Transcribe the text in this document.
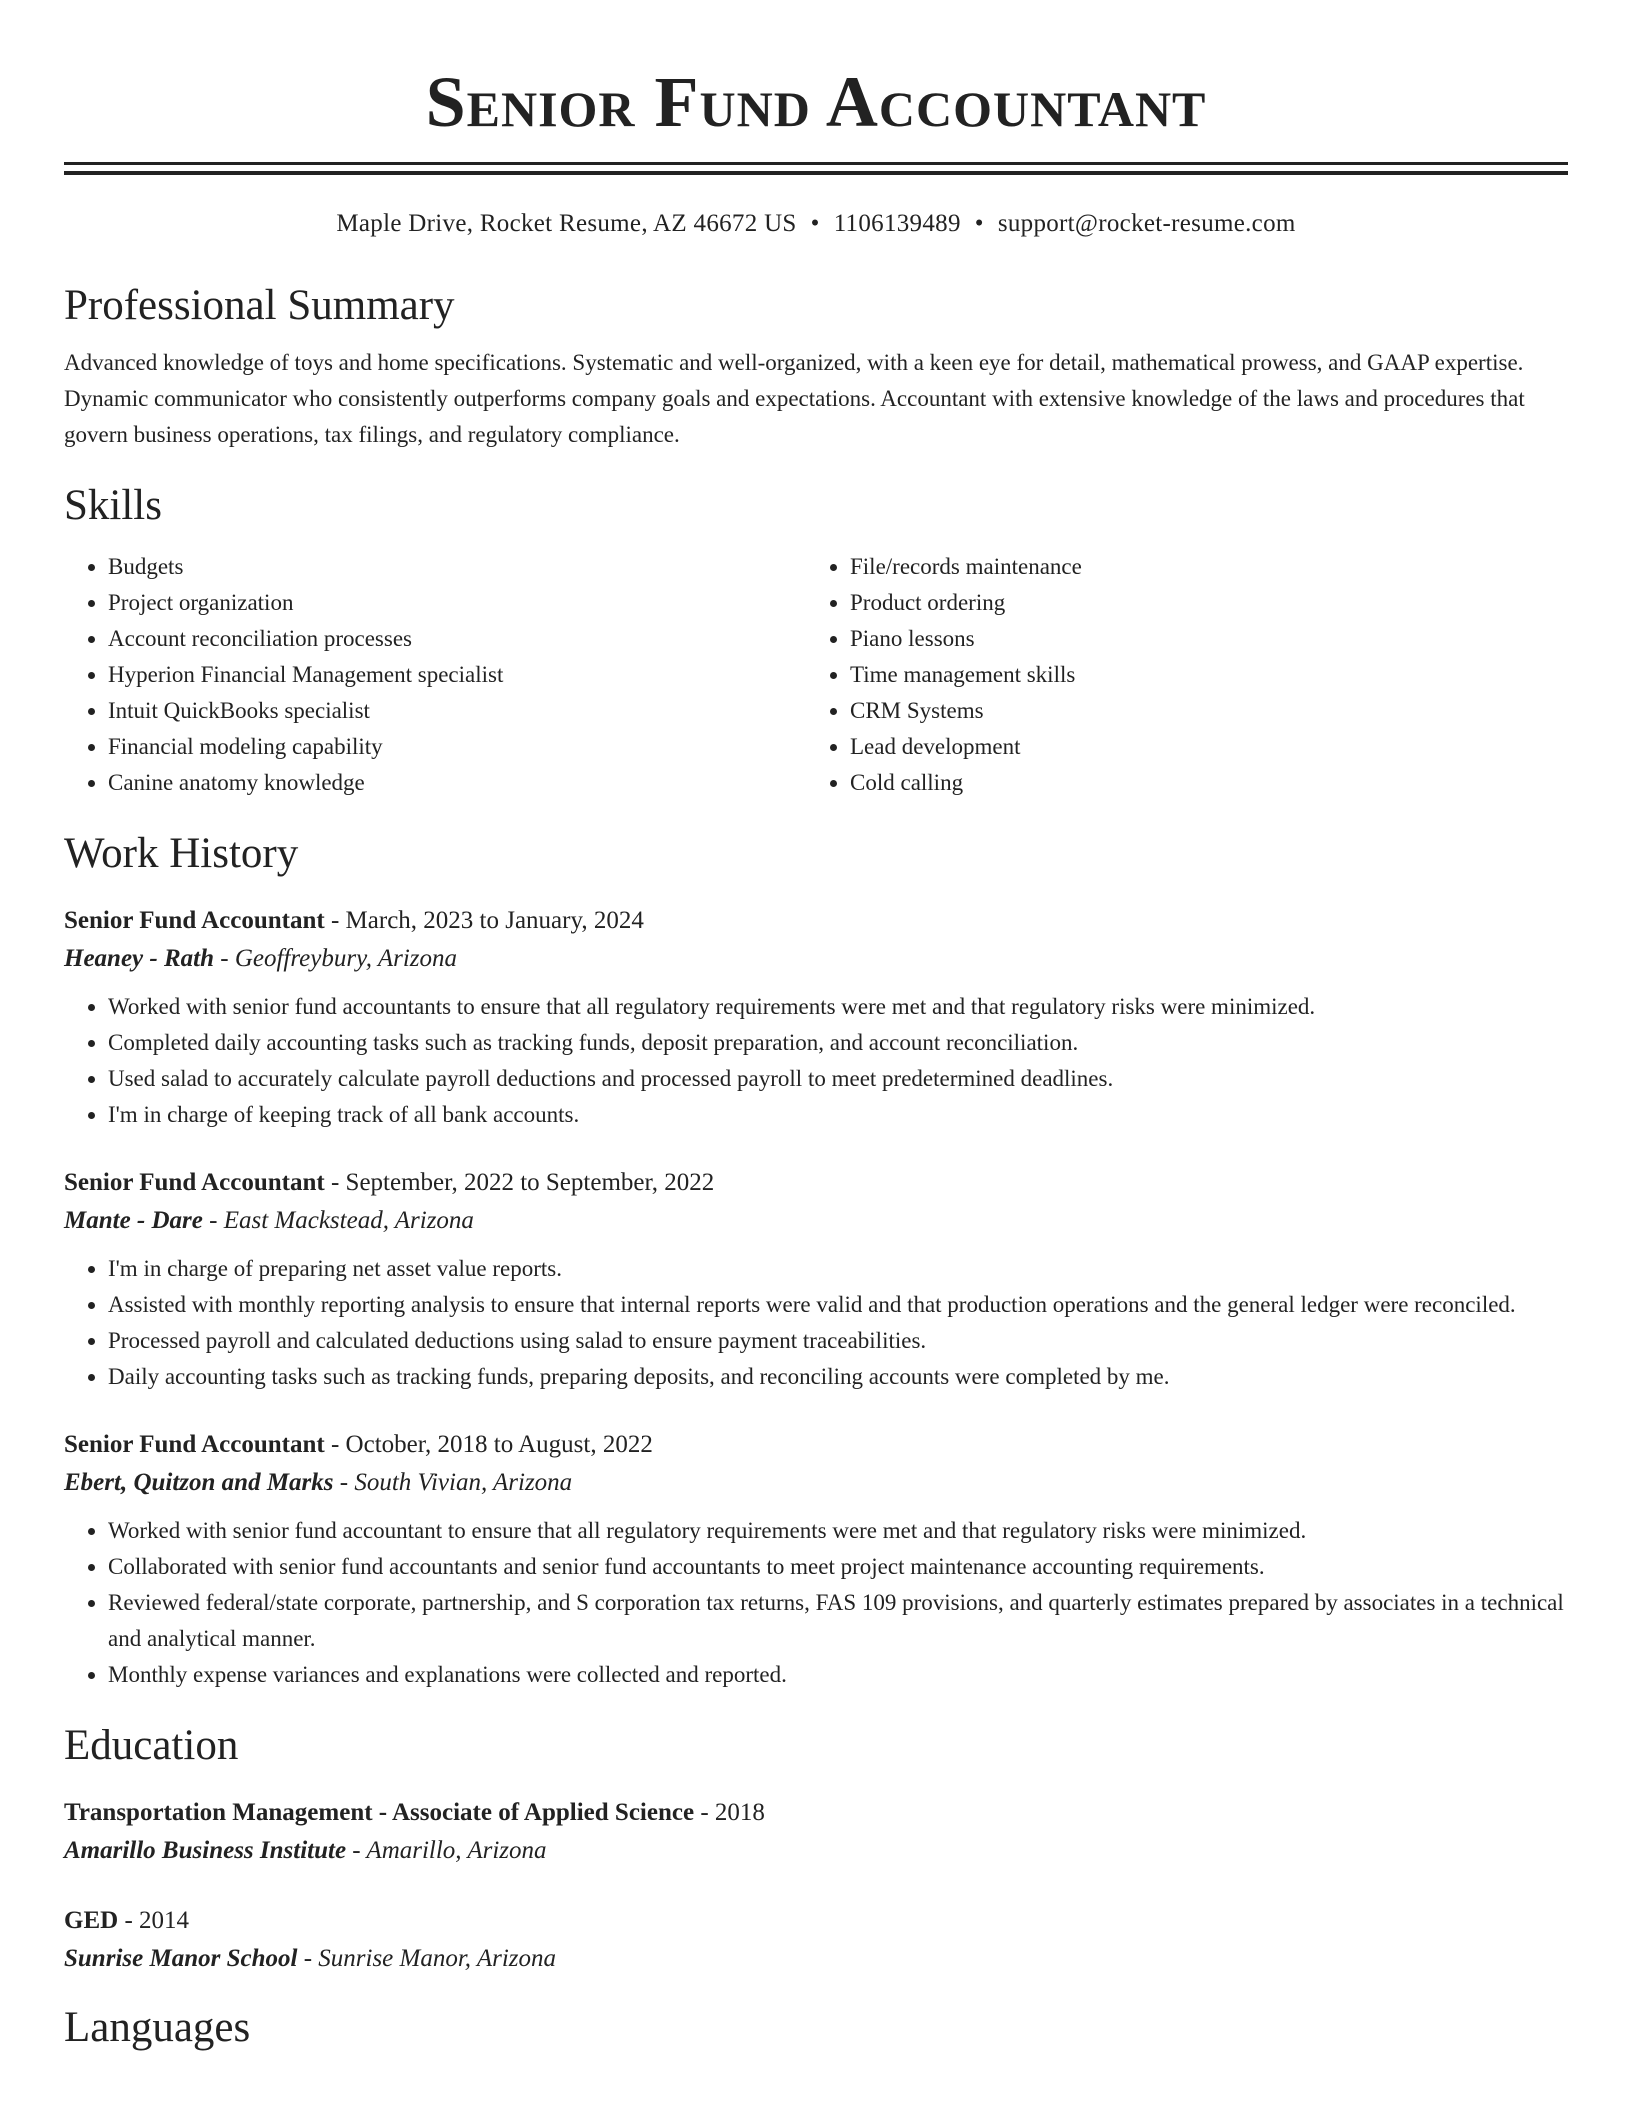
Senior Fund Accountant
Maple Drive, Rocket Resume, AZ 46672 US • 1106139489 • support@rocket-resume.com
Professional Summary
Advanced knowledge of toys and home specifications. Systematic and well-organized, with a keen eye for detail, mathematical prowess, and GAAP expertise. Dynamic communicator who consistently outperforms company goals and expectations. Accountant with extensive knowledge of the laws and procedures that govern business operations, tax filings, and regulatory compliance.
Skills
• Budgets
• Project organization
• Account reconciliation processes
• Hyperion Financial Management specialist
• Intuit QuickBooks specialist
• Financial modeling capability
• Canine anatomy knowledge
• File/records maintenance
• Product ordering
• Piano lessons
• Time management skills
• CRM Systems
• Lead development
• Cold calling
Work History
Senior Fund Accountant - March, 2023 to January, 2024
Heaney - Rath - Geoffreybury, Arizona
• Worked with senior fund accountants to ensure that all regulatory requirements were met and that regulatory risks were minimized.
• Completed daily accounting tasks such as tracking funds, deposit preparation, and account reconciliation.
• Used salad to accurately calculate payroll deductions and processed payroll to meet predetermined deadlines.
• I'm in charge of keeping track of all bank accounts.
Senior Fund Accountant - September, 2022 to September, 2022
Mante - Dare - East Mackstead, Arizona
• I'm in charge of preparing net asset value reports.
• Assisted with monthly reporting analysis to ensure that internal reports were valid and that production operations and the general ledger were reconciled.
• Processed payroll and calculated deductions using salad to ensure payment traceabilities.
• Daily accounting tasks such as tracking funds, preparing deposits, and reconciling accounts were completed by me.
Senior Fund Accountant - October, 2018 to August, 2022
Ebert, Quitzon and Marks - South Vivian, Arizona
• Worked with senior fund accountant to ensure that all regulatory requirements were met and that regulatory risks were minimized.
• Collaborated with senior fund accountants and senior fund accountants to meet project maintenance accounting requirements.
• Reviewed federal/state corporate, partnership, and S corporation tax returns, FAS 109 provisions, and quarterly estimates prepared by associates in a technical and analytical manner.
• Monthly expense variances and explanations were collected and reported.
Education
Transportation Management - Associate of Applied Science - 2018
Amarillo Business Institute - Amarillo, Arizona
GED - 2014
Sunrise Manor School - Sunrise Manor, Arizona
Languages
